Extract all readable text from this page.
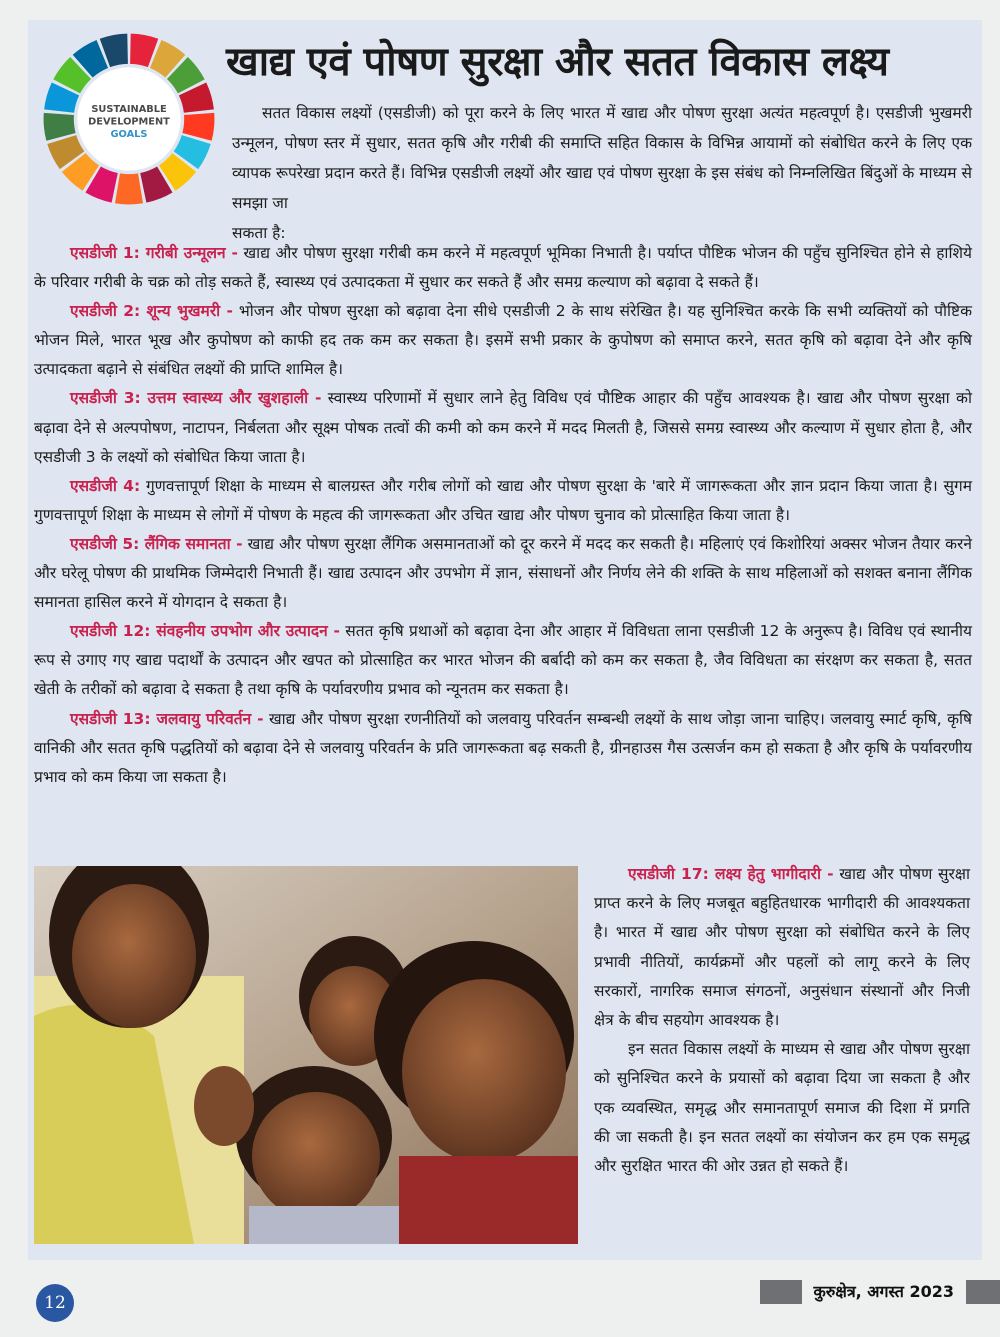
SUSTAINABLE
DEVELOPMENT
GOALS
खाद्य एवं पोषण सुरक्षा और सतत विकास लक्ष्य

सतत विकास लक्ष्यों (एसडीजी) को पूरा करने के लिए भारत में खाद्य और पोषण सुरक्षा अत्यंत महत्वपूर्ण है। एसडीजी भुखमरी उन्मूलन, पोषण स्तर में सुधार, सतत कृषि और गरीबी की समाप्ति सहित विकास के विभिन्न आयामों को संबोधित करने के लिए एक व्यापक रूपरेखा प्रदान करते हैं। विभिन्न एसडीजी लक्ष्यों और खाद्य एवं पोषण सुरक्षा के इस संबंध को निम्नलिखित बिंदुओं के माध्यम से समझा जा

सकता है:

एसडीजी 1: गरीबी उन्मूलन - खाद्य और पोषण सुरक्षा गरीबी कम करने में महत्वपूर्ण भूमिका निभाती है। पर्याप्त पौष्टिक भोजन की पहुँच सुनिश्चित होने से हाशिये के परिवार गरीबी के चक्र को तोड़ सकते हैं, स्वास्थ्य एवं उत्पादकता में सुधार कर सकते हैं और समग्र कल्याण को बढ़ावा दे सकते हैं।

एसडीजी 2: शून्य भुखमरी - भोजन और पोषण सुरक्षा को बढ़ावा देना सीधे एसडीजी 2 के साथ संरेखित है। यह सुनिश्चित करके कि सभी व्यक्तियों को पौष्टिक भोजन मिले, भारत भूख और कुपोषण को काफी हद तक कम कर सकता है। इसमें सभी प्रकार के कुपोषण को समाप्त करने, सतत कृषि को बढ़ावा देने और कृषि उत्पादकता बढ़ाने से संबंधित लक्ष्यों की प्राप्ति शामिल है।

एसडीजी 3: उत्तम स्वास्थ्य और खुशहाली - स्वास्थ्य परिणामों में सुधार लाने हेतु विविध एवं पौष्टिक आहार की पहुँच आवश्यक है। खाद्य और पोषण सुरक्षा को बढ़ावा देने से अल्पपोषण, नाटापन, निर्बलता और सूक्ष्म पोषक तत्वों की कमी को कम करने में मदद मिलती है, जिससे समग्र स्वास्थ्य और कल्याण में सुधार होता है, और एसडीजी 3 के लक्ष्यों को संबोधित किया जाता है।

एसडीजी 4: गुणवत्तापूर्ण शिक्षा के माध्यम से बालग्रस्त और गरीब लोगों को खाद्य और पोषण सुरक्षा के 'बारे में जागरूकता और ज्ञान प्रदान किया जाता है। सुगम गुणवत्तापूर्ण शिक्षा के माध्यम से लोगों में पोषण के महत्व की जागरूकता और उचित खाद्य और पोषण चुनाव को प्रोत्साहित किया जाता है।

एसडीजी 5: लैंगिक समानता - खाद्य और पोषण सुरक्षा लैंगिक असमानताओं को दूर करने में मदद कर सकती है। महिलाएं एवं किशोरियां अक्सर भोजन तैयार करने और घरेलू पोषण की प्राथमिक जिम्मेदारी निभाती हैं। खाद्य उत्पादन और उपभोग में ज्ञान, संसाधनों और निर्णय लेने की शक्ति के साथ महिलाओं को सशक्त बनाना लैंगिक समानता हासिल करने में योगदान दे सकता है।

एसडीजी 12: संवहनीय उपभोग और उत्पादन - सतत कृषि प्रथाओं को बढ़ावा देना और आहार में विविधता लाना एसडीजी 12 के अनुरूप है। विविध एवं स्थानीय रूप से उगाए गए खाद्य पदार्थों के उत्पादन और खपत को प्रोत्साहित कर भारत भोजन की बर्बादी को कम कर सकता है, जैव विविधता का संरक्षण कर सकता है, सतत खेती के तरीकों को बढ़ावा दे सकता है तथा कृषि के पर्यावरणीय प्रभाव को न्यूनतम कर सकता है।

एसडीजी 13: जलवायु परिवर्तन - खाद्य और पोषण सुरक्षा रणनीतियों को जलवायु परिवर्तन सम्बन्धी लक्ष्यों के साथ जोड़ा जाना चाहिए। जलवायु स्मार्ट कृषि, कृषि वानिकी और सतत कृषि पद्धतियों को बढ़ावा देने से जलवायु परिवर्तन के प्रति जागरूकता बढ़ सकती है, ग्रीनहाउस गैस उत्सर्जन कम हो सकता है और कृषि के पर्यावरणीय प्रभाव को कम किया जा सकता है।

एसडीजी 17: लक्ष्य हेतु भागीदारी - खाद्य और पोषण सुरक्षा प्राप्त करने के लिए मजबूत बहुहितधारक भागीदारी की आवश्यकता है। भारत में खाद्य और पोषण सुरक्षा को संबोधित करने के लिए प्रभावी नीतियों, कार्यक्रमों और पहलों को लागू करने के लिए सरकारों, नागरिक समाज संगठनों, अनुसंधान संस्थानों और निजी क्षेत्र के बीच सहयोग आवश्यक है।

इन सतत विकास लक्ष्यों के माध्यम से खाद्य और पोषण सुरक्षा को सुनिश्चित करने के प्रयासों को बढ़ावा दिया जा सकता है और एक व्यवस्थित, समृद्ध और समानतापूर्ण समाज की दिशा में प्रगति की जा सकती है। इन सतत लक्ष्यों का संयोजन कर हम एक समृद्ध और सुरक्षित भारत की ओर उन्नत हो सकते हैं।

12
कुरुक्षेत्र, अगस्त 2023
